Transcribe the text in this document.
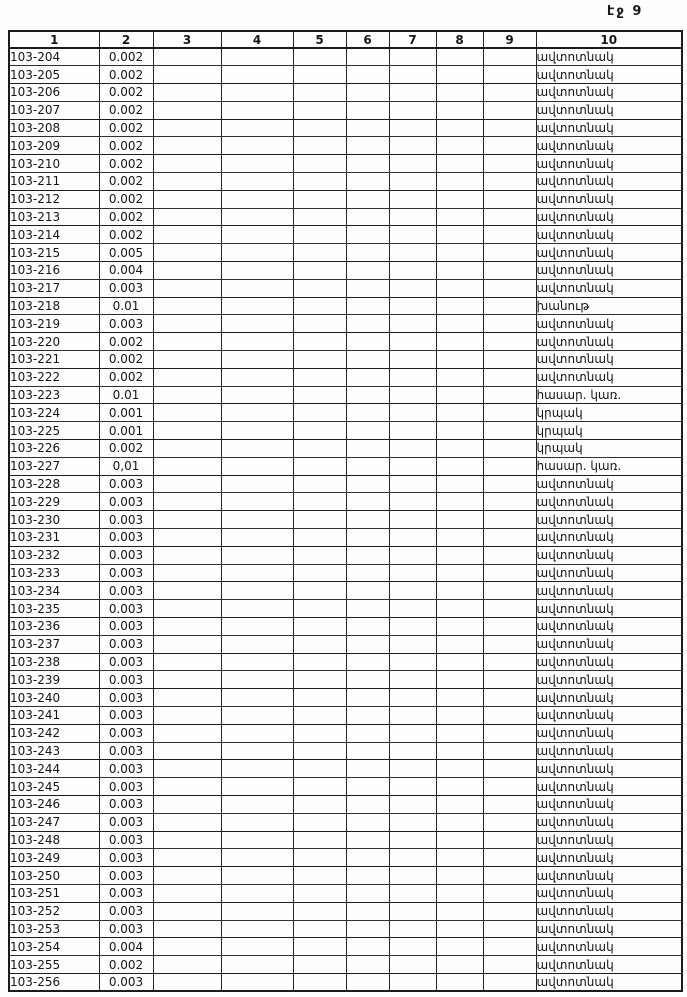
էջ 9
1	2	3	4	5	6	7	8	9	10
103-204	0.002								ավտոտնակ
103-205	0.002								ավտոտնակ
103-206	0.002								ավտոտնակ
103-207	0.002								ավտոտնակ
103-208	0.002								ավտոտնակ
103-209	0.002								ավտոտնակ
103-210	0.002								ավտոտնակ
103-211	0.002								ավտոտնակ
103-212	0.002								ավտոտնակ
103-213	0.002								ավտոտնակ
103-214	0.002								ավտոտնակ
103-215	0.005								ավտոտնակ
103-216	0.004								ավտոտնակ
103-217	0.003								ավտոտնակ
103-218	0.01								խանութ
103-219	0.003								ավտոտնակ
103-220	0.002								ավտոտնակ
103-221	0.002								ավտոտնակ
103-222	0.002								ավտոտնակ
103-223	0.01								հասար. կառ.
103-224	0.001								կրպակ
103-225	0.001								կրպակ
103-226	0.002								կրպակ
103-227	0,01								հասար. կառ.
103-228	0.003								ավտոտնակ
103-229	0.003								ավտոտնակ
103-230	0.003								ավտոտնակ
103-231	0.003								ավտոտնակ
103-232	0.003								ավտոտնակ
103-233	0.003								ավտոտնակ
103-234	0.003								ավտոտնակ
103-235	0.003								ավտոտնակ
103-236	0.003								ավտոտնակ
103-237	0.003								ավտոտնակ
103-238	0.003								ավտոտնակ
103-239	0.003								ավտոտնակ
103-240	0.003								ավտոտնակ
103-241	0.003								ավտոտնակ
103-242	0.003								ավտոտնակ
103-243	0.003								ավտոտնակ
103-244	0.003								ավտոտնակ
103-245	0.003								ավտոտնակ
103-246	0.003								ավտոտնակ
103-247	0.003								ավտոտնակ
103-248	0.003								ավտոտնակ
103-249	0.003								ավտոտնակ
103-250	0.003								ավտոտնակ
103-251	0.003								ավտոտնակ
103-252	0.003								ավտոտնակ
103-253	0.003								ավտոտնակ
103-254	0.004								ավտոտնակ
103-255	0.002								ավտոտնակ
103-256	0.003								ավտոտնակ
